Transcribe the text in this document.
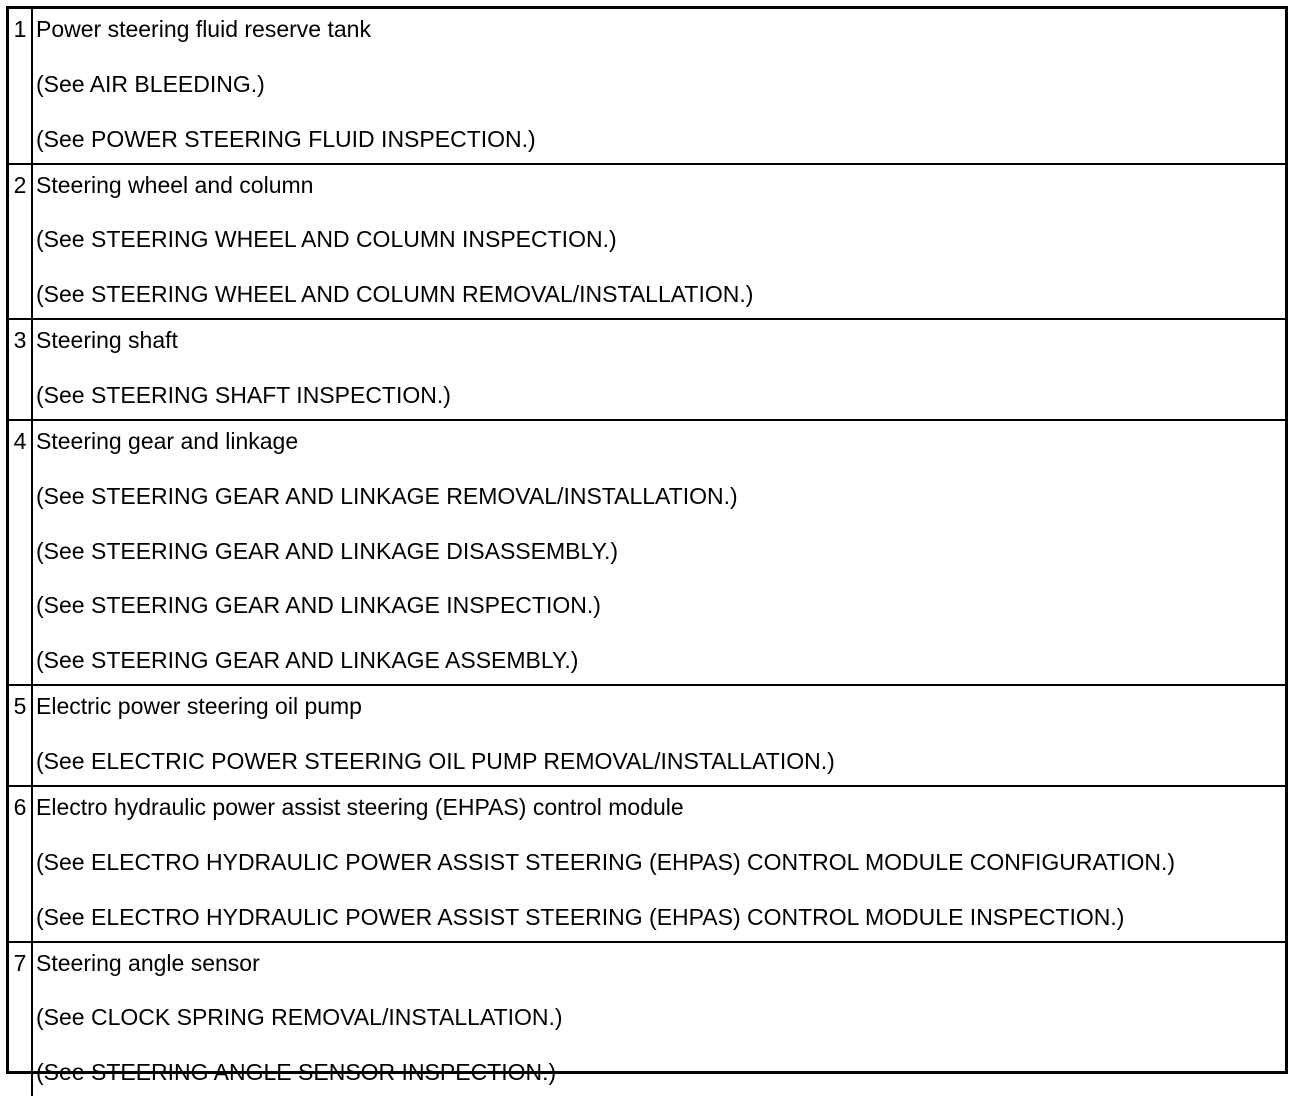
1	Power steering fluid reserve tank
(See AIR BLEEDING.)
(See POWER STEERING FLUID INSPECTION.)

2	Steering wheel and column
(See STEERING WHEEL AND COLUMN INSPECTION.)
(See STEERING WHEEL AND COLUMN REMOVAL/INSTALLATION.)

3	Steering shaft
(See STEERING SHAFT INSPECTION.)

4	Steering gear and linkage
(See STEERING GEAR AND LINKAGE REMOVAL/INSTALLATION.)
(See STEERING GEAR AND LINKAGE DISASSEMBLY.)
(See STEERING GEAR AND LINKAGE INSPECTION.)
(See STEERING GEAR AND LINKAGE ASSEMBLY.)

5	Electric power steering oil pump
(See ELECTRIC POWER STEERING OIL PUMP REMOVAL/INSTALLATION.)

6	Electro hydraulic power assist steering (EHPAS) control module
(See ELECTRO HYDRAULIC POWER ASSIST STEERING (EHPAS) CONTROL MODULE CONFIGURATION.)
(See ELECTRO HYDRAULIC POWER ASSIST STEERING (EHPAS) CONTROL MODULE INSPECTION.)

7	Steering angle sensor
(See CLOCK SPRING REMOVAL/INSTALLATION.)
(See STEERING ANGLE SENSOR INSPECTION.)
